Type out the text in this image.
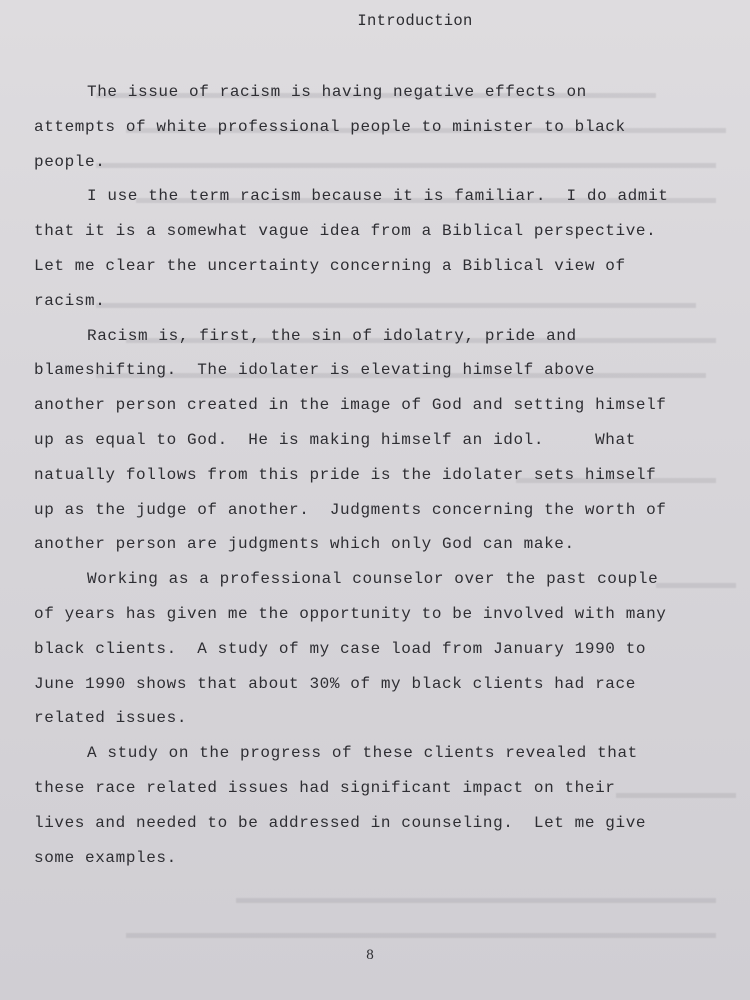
Introduction
The issue of racism is having negative effects on
attempts of white professional people to minister to black
people.
I use the term racism because it is familiar.  I do admit
that it is a somewhat vague idea from a Biblical perspective.
Let me clear the uncertainty concerning a Biblical view of
racism.
Racism is, first, the sin of idolatry, pride and
blameshifting.  The idolater is elevating himself above
another person created in the image of God and setting himself
up as equal to God.  He is making himself an idol.     What
natually follows from this pride is the idolater sets himself
up as the judge of another.  Judgments concerning the worth of
another person are judgments which only God can make.
Working as a professional counselor over the past couple
of years has given me the opportunity to be involved with many
black clients.  A study of my case load from January 1990 to
June 1990 shows that about 30% of my black clients had race
related issues.
A study on the progress of these clients revealed that
these race related issues had significant impact on their
lives and needed to be addressed in counseling.  Let me give
some examples.
8
